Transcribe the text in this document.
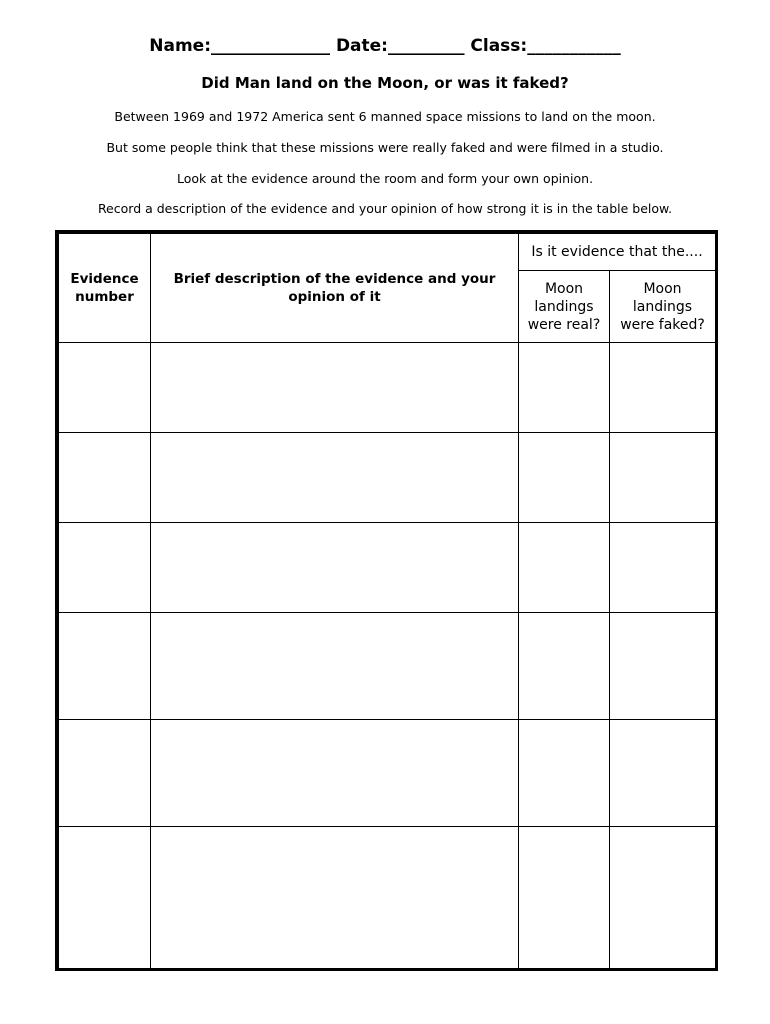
Name:______________ Date:_________ Class:___________
Did Man land on the Moon, or was it faked?
Between 1969 and 1972 America sent 6 manned space missions to land on the moon.
But some people think that these missions were really faked and were filmed in a studio.
Look at the evidence around the room and form your own opinion.
Record a description of the evidence and your opinion of how strong it is in the table below.
Evidence number	Brief description of the evidence and your opinion of it	Is it evidence that the....	
		Moon landings were real?	Moon landings were faked?
